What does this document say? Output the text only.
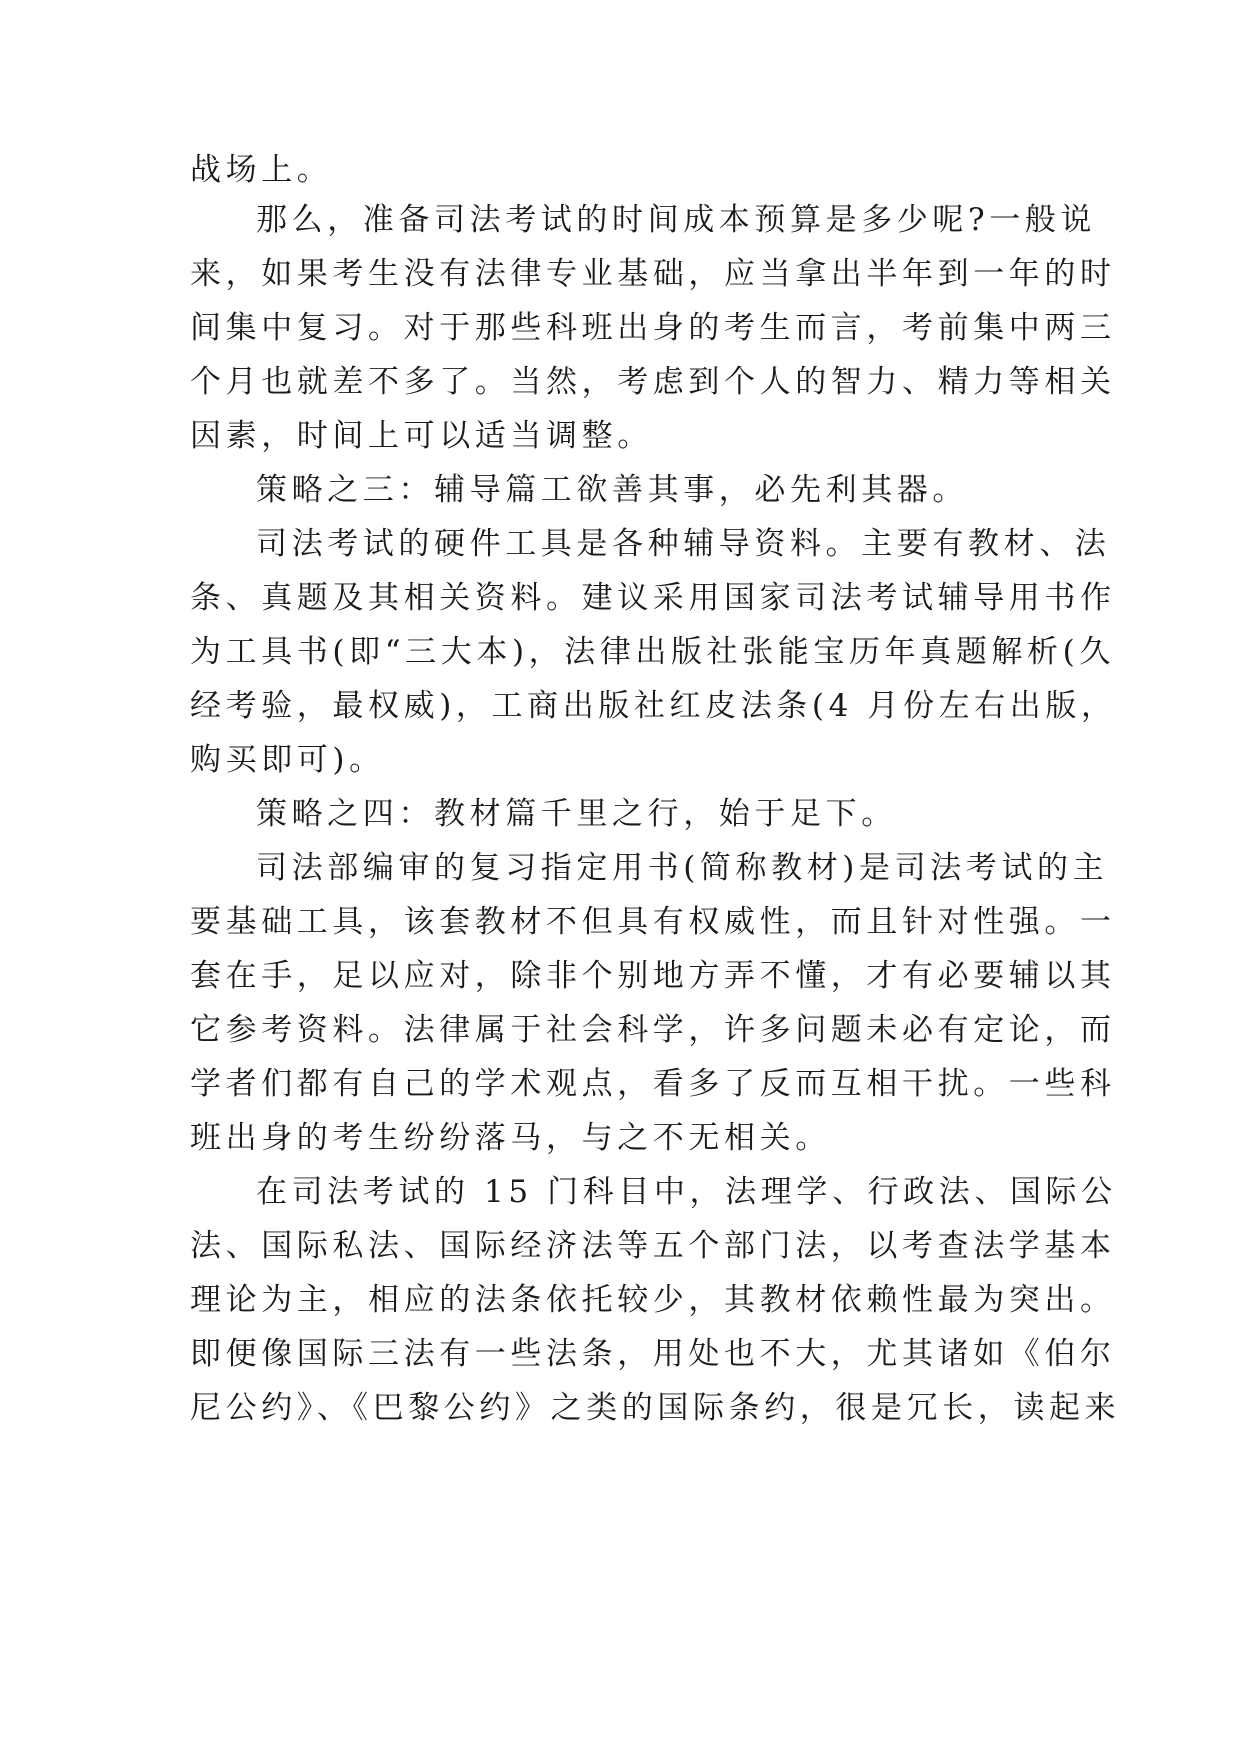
战场上。
那么，准备司法考试的时间成本预算是多少呢?一般说
来，如果考生没有法律专业基础，应当拿出半年到一年的时
间集中复习。对于那些科班出身的考生而言，考前集中两三
个月也就差不多了。当然，考虑到个人的智力、精力等相关
因素，时间上可以适当调整。
策略之三：辅导篇工欲善其事，必先利其器。
司法考试的硬件工具是各种辅导资料。主要有教材、法
条、真题及其相关资料。建议采用国家司法考试辅导用书作
为工具书(即“三大本)，法律出版社张能宝历年真题解析(久
经考验，最权威)，工商出版社红皮法条(4 月份左右出版，
购买即可)。
策略之四：教材篇千里之行，始于足下。
司法部编审的复习指定用书(简称教材)是司法考试的主
要基础工具，该套教材不但具有权威性，而且针对性强。一
套在手，足以应对，除非个别地方弄不懂，才有必要辅以其
它参考资料。法律属于社会科学，许多问题未必有定论，而
学者们都有自己的学术观点，看多了反而互相干扰。一些科
班出身的考生纷纷落马，与之不无相关。
在司法考试的 15 门科目中，法理学、行政法、国际公
法、国际私法、国际经济法等五个部门法，以考查法学基本
理论为主，相应的法条依托较少，其教材依赖性最为突出。
即便像国际三法有一些法条，用处也不大，尤其诸如《伯尔
尼公约》、《巴黎公约》之类的国际条约，很是冗长，读起来
